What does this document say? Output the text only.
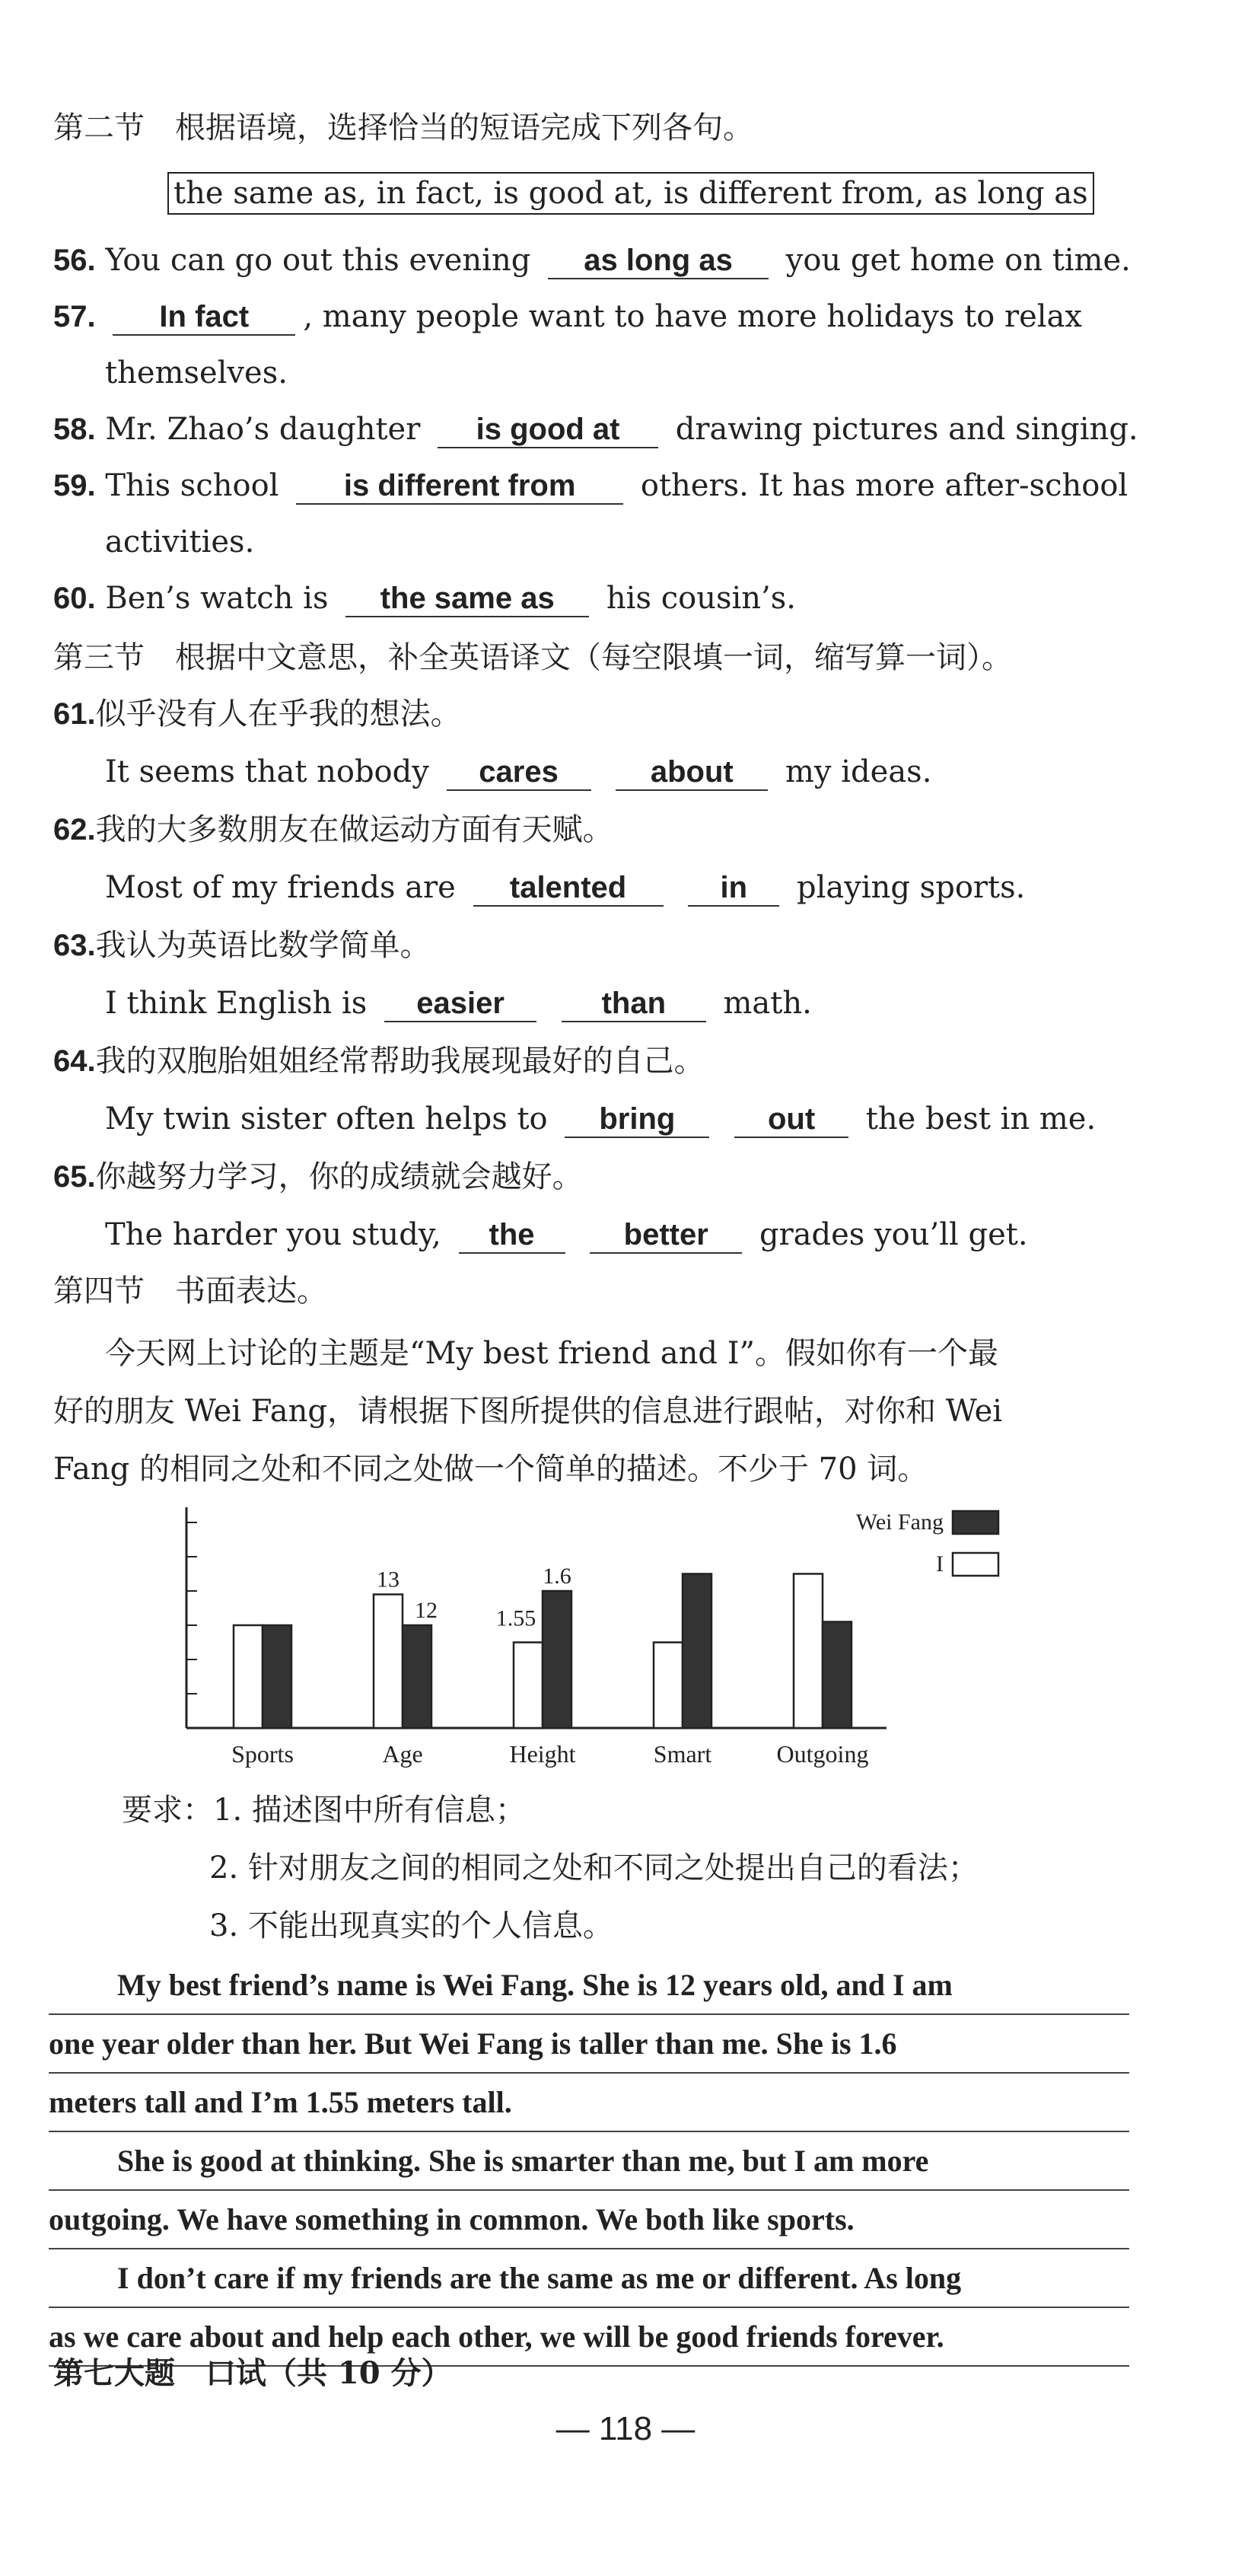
第二节　根据语境，选择恰当的短语完成下列各句。
the same as, in fact, is good at, is different from, as long as
56. You can go out this evening as long as you get home on time.
57. In fact , many people want to have more holidays to relax
themselves.
58. Mr. Zhao’s daughter is good at drawing pictures and singing.
59. This school is different from others. It has more after-school
activities.
60. Ben’s watch is the same as his cousin’s.
第三节　根据中文意思，补全英语译文（每空限填一词，缩写算一词）。
61.似乎没有人在乎我的想法。
It seems that nobody cares	about my ideas.
62.我的大多数朋友在做运动方面有天赋。
Most of my friends are talented	in playing sports.
63.我认为英语比数学简单。
I think English is easier	than math.
64.我的双胞胎姐姐经常帮助我展现最好的自己。
My twin sister often helps to bring	out the best in me.
65.你越努力学习，你的成绩就会越好。
The harder you study, the	better grades you’ll get.
第四节　书面表达。
今天网上讨论的主题是“My best friend and I”。假如你有一个最
好的朋友 Wei Fang，请根据下图所提供的信息进行跟帖，对你和 Wei
Fang 的相同之处和不同之处做一个简单的描述。不少于 70 词。
Sports
13
12
Age
1.55
1.6
Height	Smart	Outgoing
Wei Fang
I
要求：1. 描述图中所有信息；
2. 针对朋友之间的相同之处和不同之处提出自己的看法；
3. 不能出现真实的个人信息。
My best friend’s name is Wei Fang. She is 12 years old, and I am
one year older than her. But Wei Fang is taller than me. She is 1.6
meters tall and I’m 1.55 meters tall.
She is good at thinking. She is smarter than me, but I am more
outgoing. We have something in common. We both like sports.
I don’t care if my friends are the same as me or different. As long
as we care about and help each other, we will be good friends forever.
第七大题　口试（共 10 分）
— 118 —
